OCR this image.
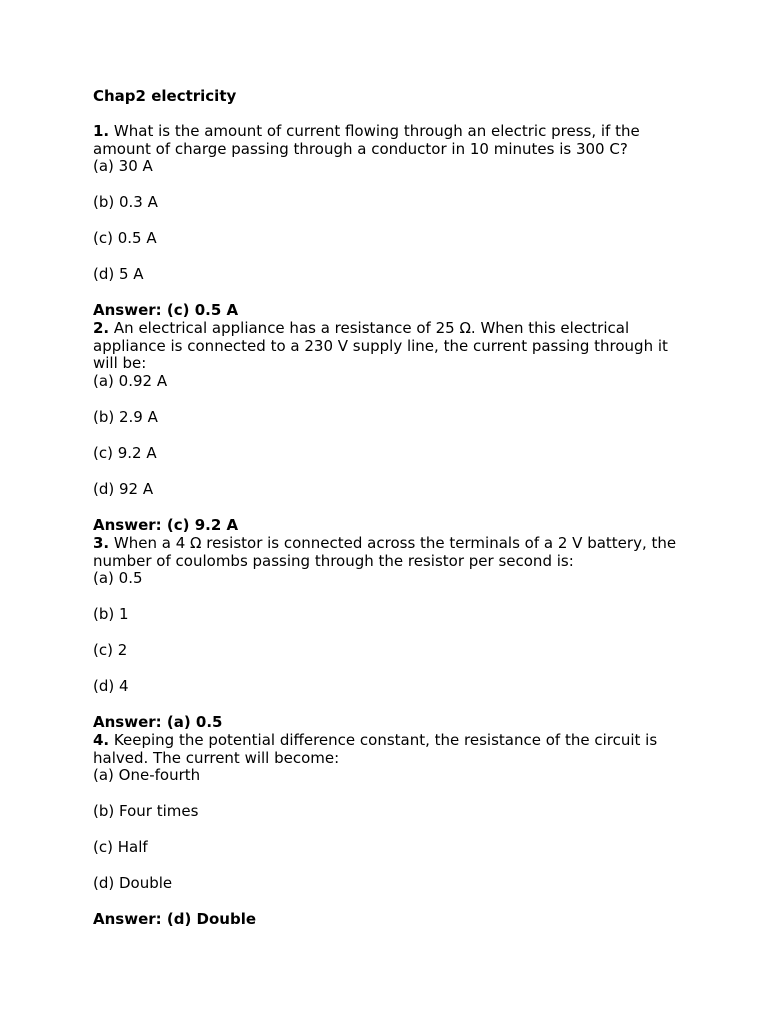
Chap2 electricity

1. What is the amount of current flowing through an electric press, if the amount of charge passing through a conductor in 10 minutes is 300 C?

(a) 30 A

(b) 0.3 A

(c) 0.5 A

(d) 5 A

Answer: (c) 0.5 A

2. An electrical appliance has a resistance of 25 Ω. When this electrical appliance is connected to a 230 V supply line, the current passing through it will be:

(a) 0.92 A

(b) 2.9 A

(c) 9.2 A

(d) 92 A

Answer: (c) 9.2 A

3. When a 4 Ω resistor is connected across the terminals of a 2 V battery, the number of coulombs passing through the resistor per second is:

(a) 0.5

(b) 1

(c) 2

(d) 4

Answer: (a) 0.5

4. Keeping the potential difference constant, the resistance of the circuit is halved. The current will become:

(a) One-fourth

(b) Four times

(c) Half

(d) Double

Answer: (d) Double
